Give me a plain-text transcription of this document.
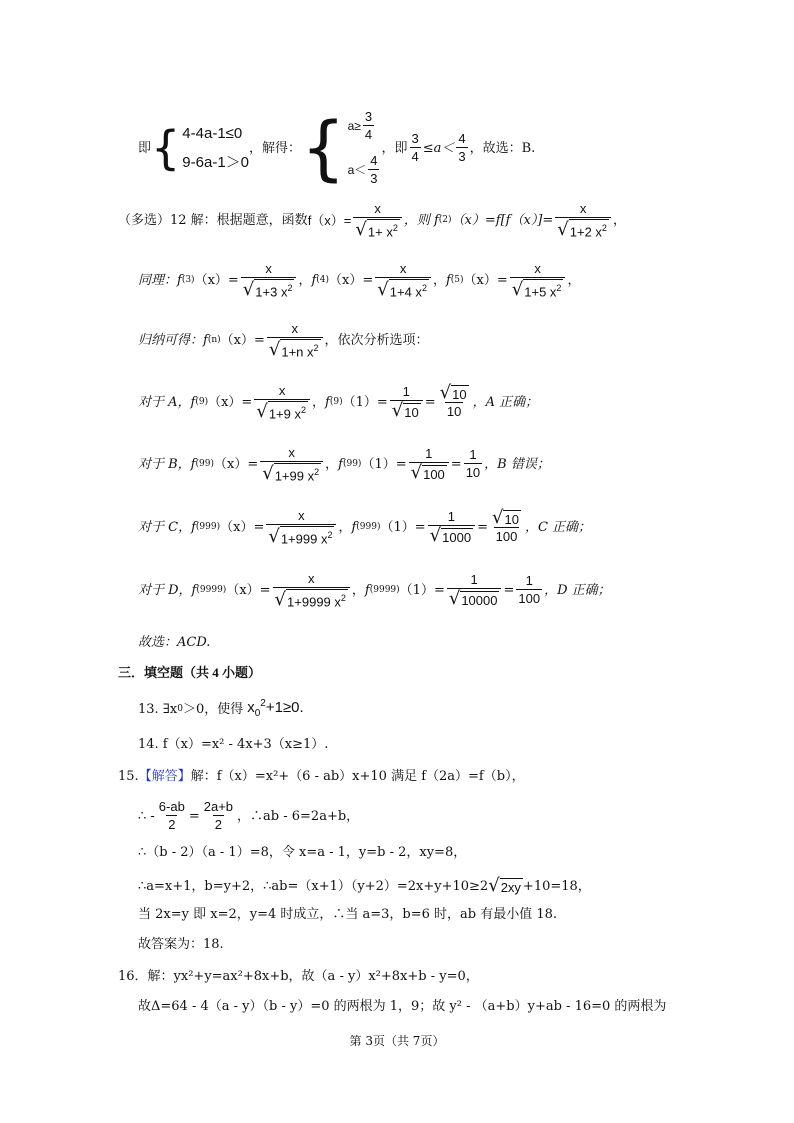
即 { 4-4a-1≤0
9-6a-1＞0
，解得： { $a\ge \frac{3}{4}$
$a< \frac{4}{3}$
，即 $\frac{3}{4} \le a< \frac{4}{3}$ ，故选：B.
（多选）12 解：根据题意，函数 $f(x)= \frac{x}{√ 1+ x^2}$ ，则 f (2) $(x)=f[f(x)]= \frac{x}{√ 1+2 x^2}$ ，
同理：f (3) $(x)= \frac{x}{√ 1+3 x^2}$ ，f (4) $(x)= \frac{x}{√ 1+4 x^2}$ ，f (5) $(x)= \frac{x}{√ 1+5 x^2}$ ，
归纳可得：f (n) $(x)= \frac{x}{√ 1+n x^2}$ ，依次分析选项：
对于 A，f (9) $(x)= \frac{x}{√ 1+9 x^2}$ ，f (9) $(1)= \frac{1}{√ 10} = \frac{√ 10}{10}$ ，A 正确；
对于 B，f (99) $(x)= \frac{x}{√ 1+99 x^2}$ ，f (99) $(1)= \frac{1}{√ 100} = \frac{1}{10}$ ，B 错误；
对于 C，f (999) $(x)= \frac{x}{√ 1+999 x^2}$ ，f (999) $(1)= \frac{1}{√ 1000} = \frac{√ 10}{100}$ ，C 正确；
对于 D，f (9999) $(x)= \frac{x}{√ 1+9999 x^2}$ ，f (9999) $(1)= \frac{1}{√ 10000} = \frac{1}{100}$ ，D 正确；
故选：ACD.
三．填空题（共 4 小题）
13. ∃x 0 ＞0，使得 $x_0^2+1\ge 0$.
14. f（x）=x² - 4x+3（x≥1）.
15. 【解答】 解：f（x）=x²+（6 - ab）x+10 满足 f（2a）=f（b），
∴ - $\frac{6-ab}{2} = \frac{2a+b}{2}$ ，∴ab - 6=2a+b，
∴（b - 2）（a - 1）=8，令 x=a - 1，y=b - 2，xy=8，
∴a=x+1，b=y+2，∴ab=（x+1）（y+2）=2x+y+10≥2 √ 2xy +10=18，
当 2x=y 即 x=2，y=4 时成立，∴当 a=3，b=6 时，ab 有最小值 18.
故答案为：18.
16．解：yx²+y=ax²+8x+b，故（a - y）x²+8x+b - y=0，
故Δ=64 - 4（a - y）（b - y）=0 的两根为 1，9；故 y² - （a+b）y+ab - 16=0 的两根为
第 3页（共 7页）
